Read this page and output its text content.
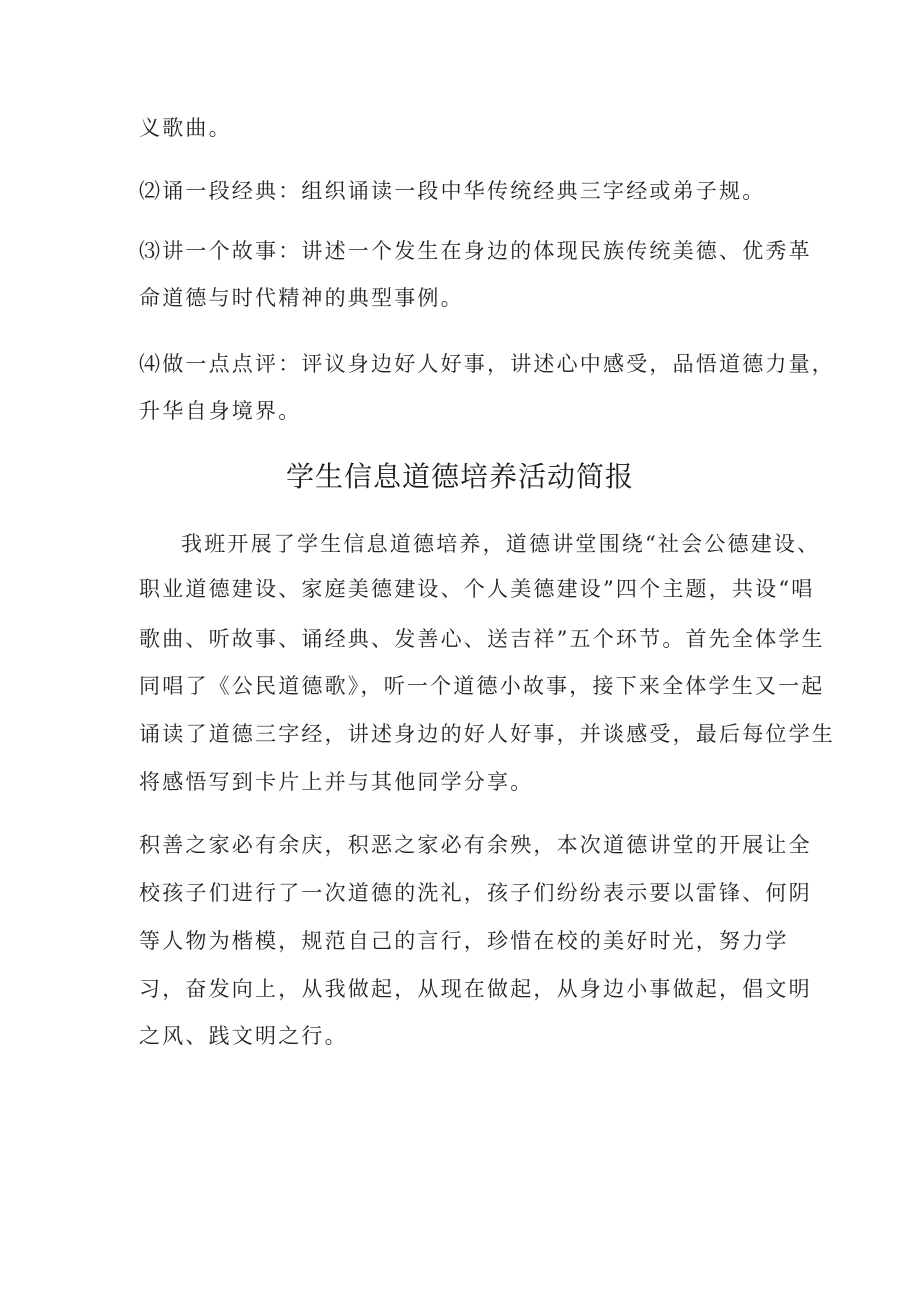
义歌曲。
⑵诵一段经典：组织诵读一段中华传统经典三字经或弟子规。
⑶讲一个故事：讲述一个发生在身边的体现民族传统美德、优秀革
命道德与时代精神的典型事例。
⑷做一点点评：评议身边好人好事，讲述心中感受，品悟道德力量，
升华自身境界。
学生信息道德培养活动简报
我班开展了学生信息道德培养，道德讲堂围绕“社会公德建设、
职业道德建设、家庭美德建设、个人美德建设”四个主题，共设“唱
歌曲、听故事、诵经典、发善心、送吉祥”五个环节。首先全体学生
同唱了《公民道德歌》，听一个道德小故事，接下来全体学生又一起
诵读了道德三字经，讲述身边的好人好事，并谈感受，最后每位学生
将感悟写到卡片上并与其他同学分享。
积善之家必有余庆，积恶之家必有余殃，本次道德讲堂的开展让全
校孩子们进行了一次道德的洗礼，孩子们纷纷表示要以雷锋、何阴
等人物为楷模，规范自己的言行，珍惜在校的美好时光，努力学
习，奋发向上，从我做起，从现在做起，从身边小事做起，倡文明
之风、践文明之行。
